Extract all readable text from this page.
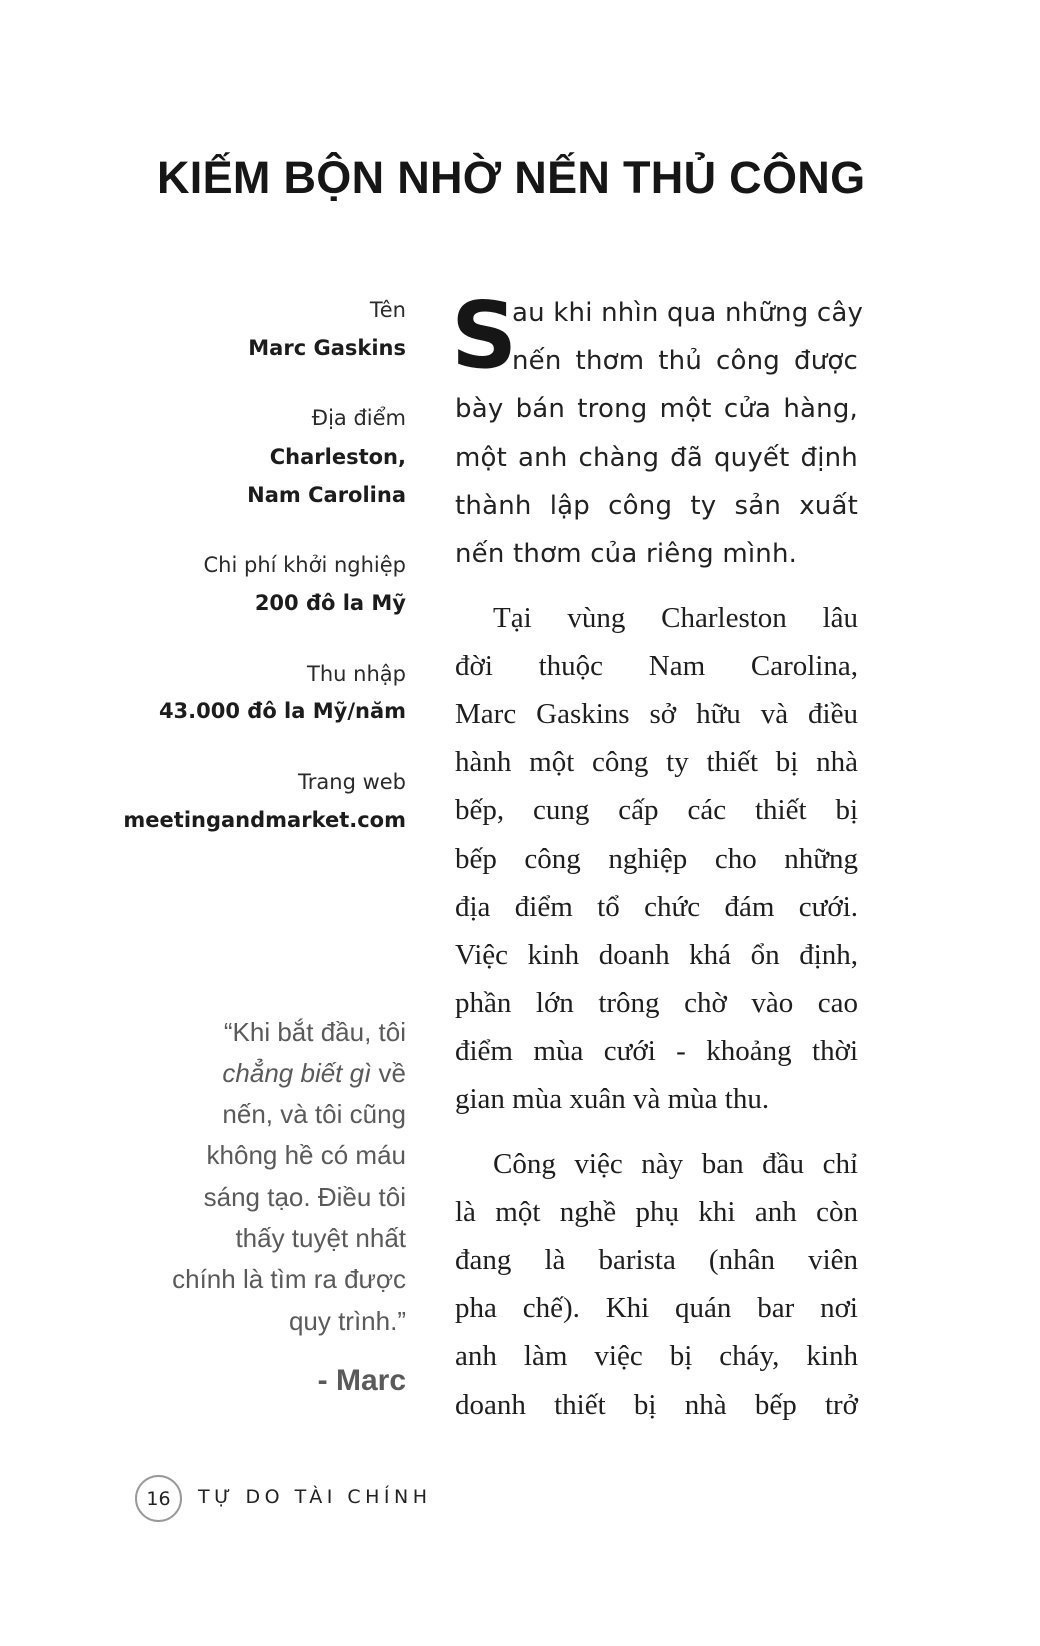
KIẾM BỘN NHỜ NẾN THỦ CÔNG
Tên
Marc Gaskins
Địa điểm
Charleston,
Nam Carolina
Chi phí khởi nghiệp
200 đô la Mỹ
Thu nhập
43.000 đô la Mỹ/năm
Trang web
meetingandmarket.com
“Khi bắt đầu, tôi
chẳng biết gì về
nến, và tôi cũng
không hề có máu
sáng tạo. Điều tôi
thấy tuyệt nhất
chính là tìm ra được
quy trình.”
- Marc
S
au khi nhìn qua những cây
nến thơm thủ công được
bày bán trong một cửa hàng,
một anh chàng đã quyết định
thành lập công ty sản xuất
nến thơm của riêng mình.
Tại vùng Charleston lâu
đời thuộc Nam Carolina,
Marc Gaskins sở hữu và điều
hành một công ty thiết bị nhà
bếp, cung cấp các thiết bị
bếp công nghiệp cho những
địa điểm tổ chức đám cưới.
Việc kinh doanh khá ổn định,
phần lớn trông chờ vào cao
điểm mùa cưới - khoảng thời
gian mùa xuân và mùa thu.
Công việc này ban đầu chỉ
là một nghề phụ khi anh còn
đang là barista (nhân viên
pha chế). Khi quán bar nơi
anh làm việc bị cháy, kinh
doanh thiết bị nhà bếp trở
16	TỰ DO TÀI CHÍNH
